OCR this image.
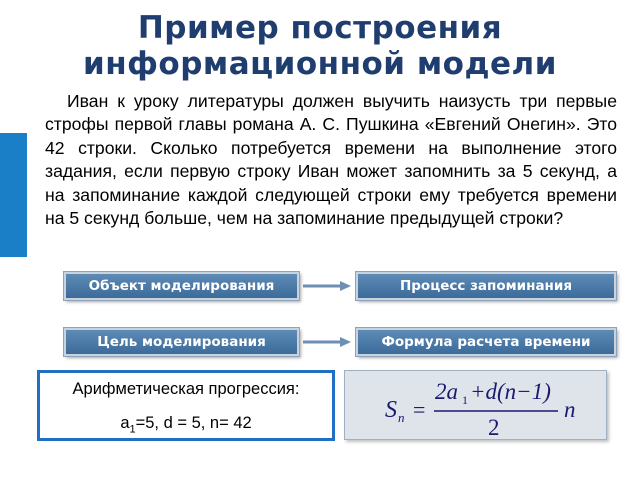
Пример построения
информационной модели
Иван к уроку литературы должен выучить наизусть три первые строфы первой главы романа А. С. Пушкина «Евгений Онегин». Это 42 строки. Сколько потребуется времени на выполнение этого задания, если первую строку Иван может запомнить за 5 секунд, а на запоминание каждой следующей строки ему требуется времени на 5 секунд больше, чем на запоминание предыдущей строки?
Объект моделирования	Процесс запоминания
Цель моделирования	Формула расчета времени
Арифметическая прогрессия:
$a_1=5$, d = 5, n= 42	S n =
2a 1 +d(n−1)
2
n
